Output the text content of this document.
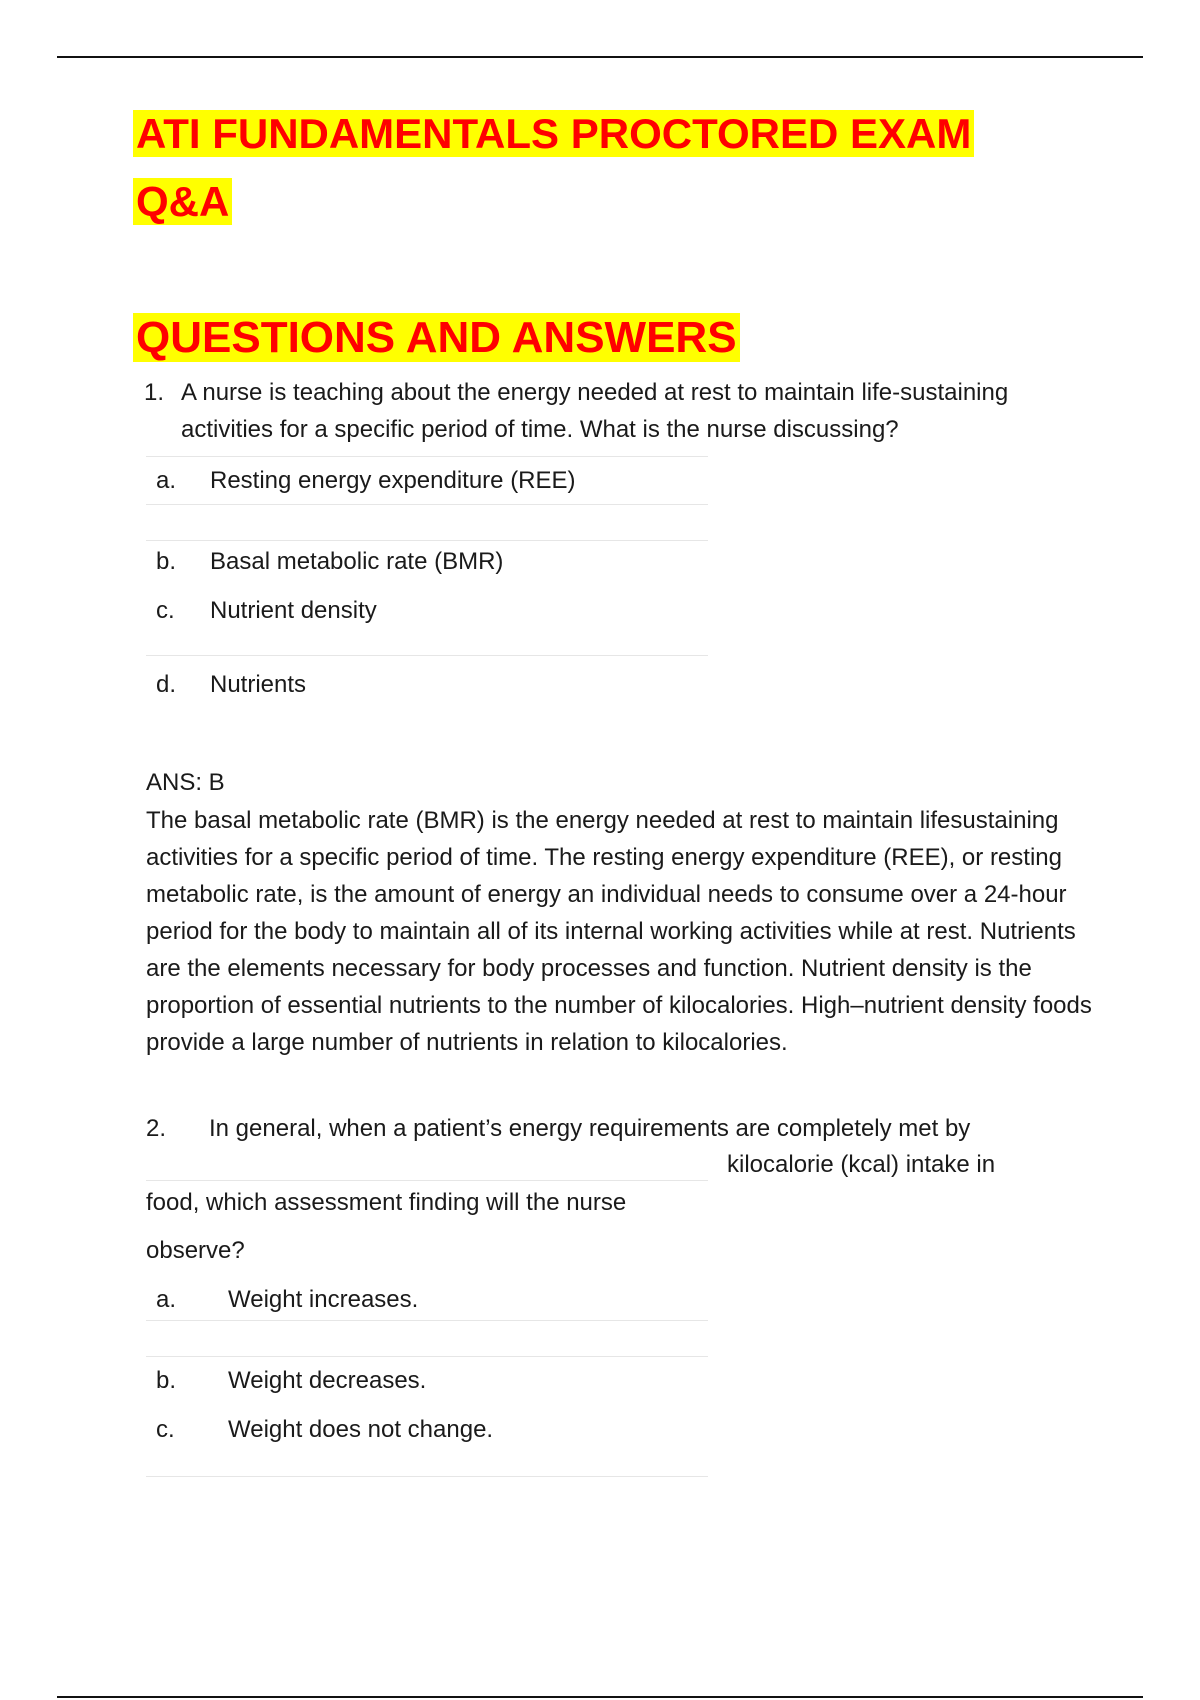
ATI FUNDAMENTALS PROCTORED EXAM
Q&A
QUESTIONS AND ANSWERS
1. A nurse is teaching about the energy needed at rest to maintain life-sustaining activities for a specific period of time. What is the nurse discussing?
a. Resting energy expenditure (REE)
b. Basal metabolic rate (BMR)
c. Nutrient density
d. Nutrients
ANS: B
The basal metabolic rate (BMR) is the energy needed at rest to maintain lifesustaining activities for a specific period of time. The resting energy expenditure (REE), or resting metabolic rate, is the amount of energy an individual needs to consume over a 24-hour period for the body to maintain all of its internal working activities while at rest. Nutrients are the elements necessary for body processes and function. Nutrient density is the proportion of essential nutrients to the number of kilocalories. High–nutrient density foods provide a large number of nutrients in relation to kilocalories.
2. In general, when a patient’s energy requirements are completely met by
kilocalorie (kcal) intake in
food, which assessment finding will the nurse
observe?
a. Weight increases.
b. Weight decreases.
c. Weight does not change.
